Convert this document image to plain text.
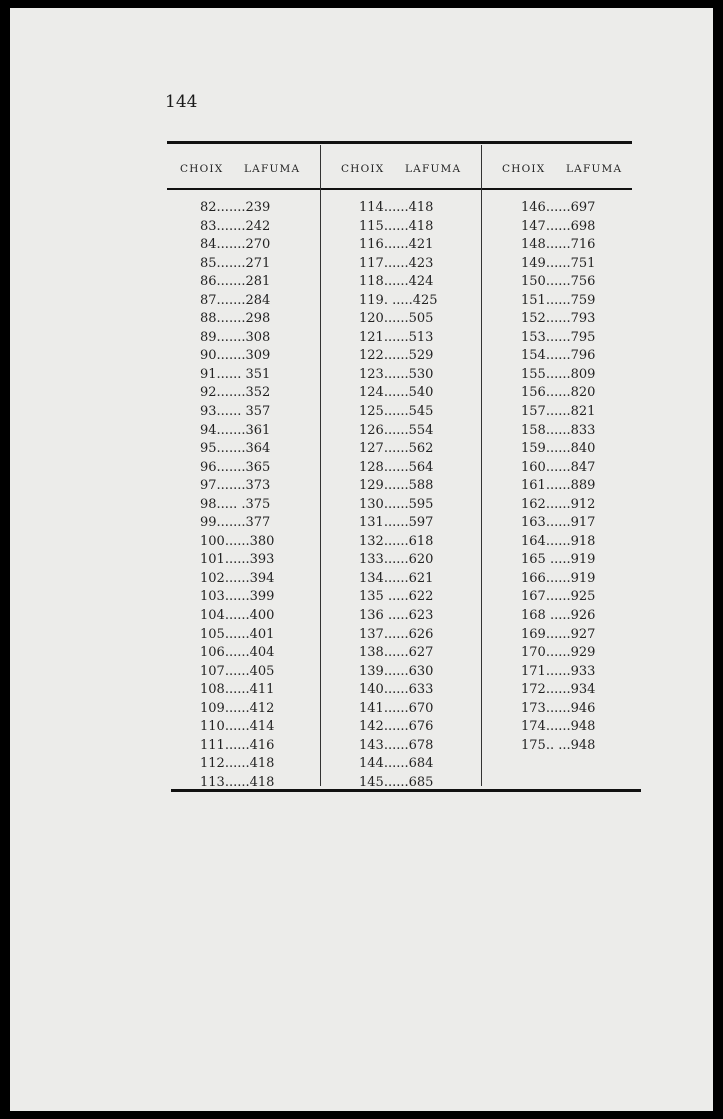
144
CHOIX LAFUMA	CHOIX LAFUMA	CHOIX LAFUMA
82.......239
83.......242
84.......270
85.......271
86.......281
87.......284
88.......298
89.......308
90.......309
91...... 351
92.......352
93...... 357
94.......361
95.......364
96.......365
97.......373
98..... .375
99.......377
100......380
101......393
102......394
103......399
104......400
105......401
106......404
107......405
108......411
109......412
110......414
111......416
112......418
113......418
114......418
115......418
116......421
117......423
118......424
119. .....425
120......505
121......513
122......529
123......530
124......540
125......545
126......554
127......562
128......564
129......588
130......595
131......597
132......618
133......620
134......621
135 .....622
136 .....623
137......626
138......627
139......630
140......633
141......670
142......676
143......678
144......684
145......685
146......697
147......698
148......716
149......751
150......756
151......759
152......793
153......795
154......796
155......809
156......820
157......821
158......833
159......840
160......847
161......889
162......912
163......917
164......918
165 .....919
166......919
167......925
168 .....926
169......927
170......929
171......933
172......934
173......946
174......948
175.. ...948
